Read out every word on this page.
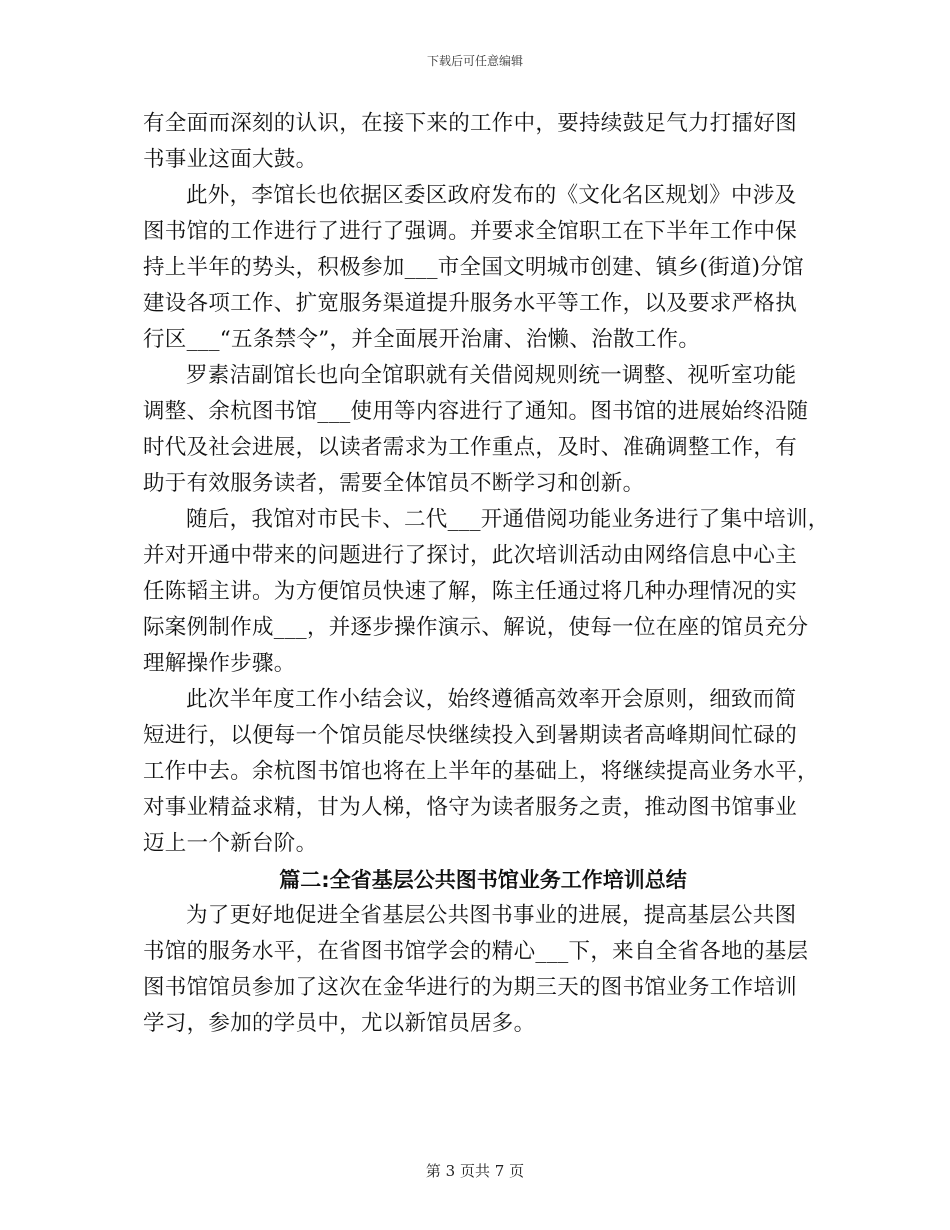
下载后可任意编辑
有全面而深刻的认识，在接下来的工作中，要持续鼓足气力打擂好图
书事业这面大鼓。
此外，李馆长也依据区委区政府发布的《文化名区规划》中涉及
图书馆的工作进行了进行了强调。并要求全馆职工在下半年工作中保
持上半年的势头，积极参加___市全国文明城市创建、镇乡(街道)分馆
建设各项工作、扩宽服务渠道提升服务水平等工作，以及要求严格执
行区___“五条禁令”，并全面展开治庸、治懒、治散工作。
罗素洁副馆长也向全馆职就有关借阅规则统一调整、视听室功能
调整、余杭图书馆___使用等内容进行了通知。图书馆的进展始终沿随
时代及社会进展，以读者需求为工作重点，及时、准确调整工作，有
助于有效服务读者，需要全体馆员不断学习和创新。
随后，我馆对市民卡、二代___开通借阅功能业务进行了集中培训，
并对开通中带来的问题进行了探讨，此次培训活动由网络信息中心主
任陈韬主讲。为方便馆员快速了解，陈主任通过将几种办理情况的实
际案例制作成___，并逐步操作演示、解说，使每一位在座的馆员充分
理解操作步骤。
此次半年度工作小结会议，始终遵循高效率开会原则，细致而简
短进行，以便每一个馆员能尽快继续投入到暑期读者高峰期间忙碌的
工作中去。余杭图书馆也将在上半年的基础上，将继续提高业务水平，
对事业精益求精，甘为人梯，恪守为读者服务之责，推动图书馆事业
迈上一个新台阶。
篇二:全省基层公共图书馆业务工作培训总结
为了更好地促进全省基层公共图书事业的进展，提高基层公共图
书馆的服务水平，在省图书馆学会的精心___下，来自全省各地的基层
图书馆馆员参加了这次在金华进行的为期三天的图书馆业务工作培训
学习，参加的学员中，尤以新馆员居多。
第 3 页共 7 页
